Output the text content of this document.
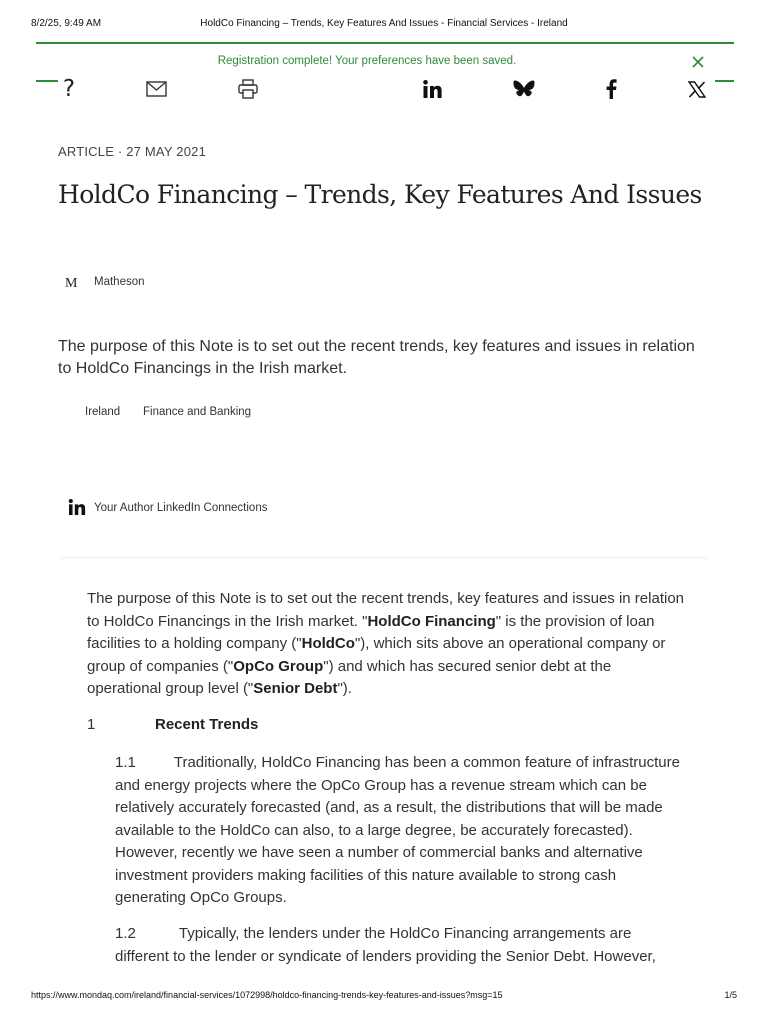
8/2/25, 9:49 AM	HoldCo Financing – Trends, Key Features And Issues - Financial Services - Ireland
Registration complete! Your preferences have been saved.
?
ARTICLE · 27 MAY 2021
HoldCo Financing – Trends, Key Features And Issues
M Matheson

The purpose of this Note is to set out the recent trends, key features and issues in relation to HoldCo Financings in the Irish market.

Ireland Finance and Banking
Your Author LinkedIn Connections

The purpose of this Note is to set out the recent trends, key features and issues in relation to HoldCo Financings in the Irish market. "HoldCo Financing" is the provision of loan facilities to a holding company ("HoldCo"), which sits above an operational company or group of companies ("OpCo Group") and which has secured senior debt at the operational group level ("Senior Debt").

1	Recent Trends

1.1	Traditionally, HoldCo Financing has been a common feature of infrastructure and energy projects where the OpCo Group has a revenue stream which can be relatively accurately forecasted (and, as a result, the distributions that will be made available to the HoldCo can also, to a large degree, be accurately forecasted). However, recently we have seen a number of commercial banks and alternative investment providers making facilities of this nature available to strong cash generating OpCo Groups.

1.2	Typically, the lenders under the HoldCo Financing arrangements are different to the lender or syndicate of lenders providing the Senior Debt. However,

https://www.mondaq.com/ireland/financial-services/1072998/holdco-financing-trends-key-features-and-issues?msg=15	1/5
